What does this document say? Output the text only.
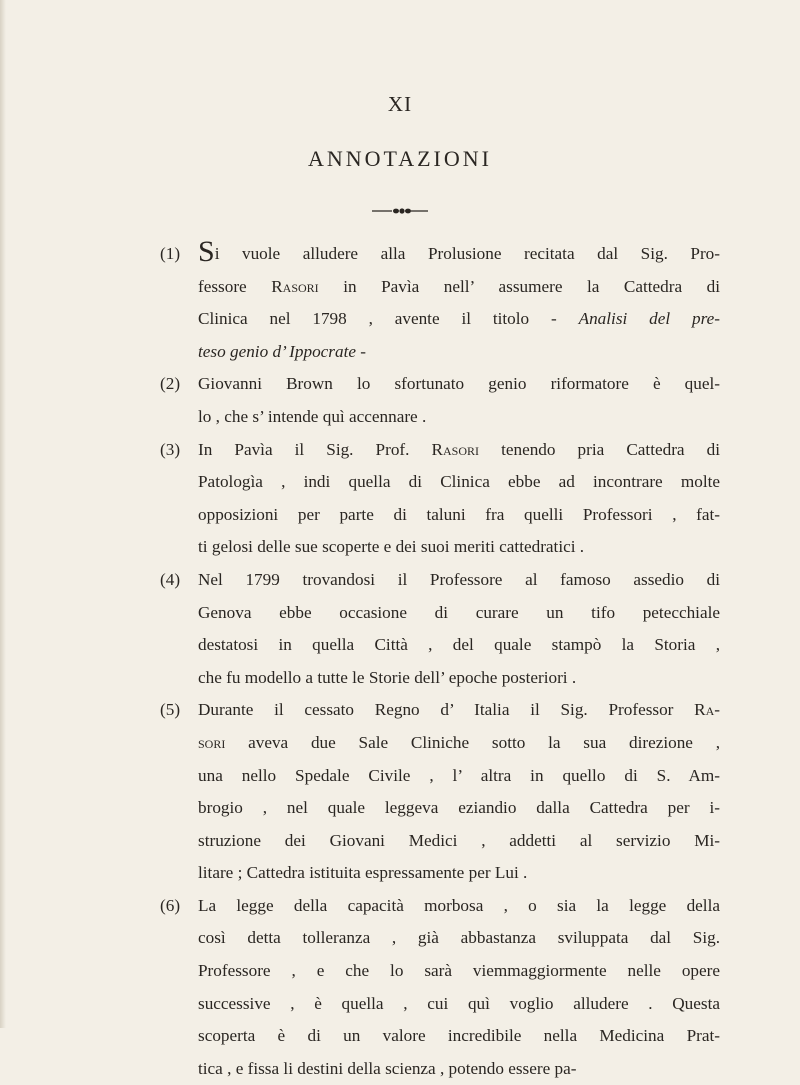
XI
ANNOTAZIONI
(1) Si vuole alludere alla Prolusione recitata dal Sig. Pro-
fessore Rasori in Pavìa nell’ assumere la Cattedra di
Clinica nel 1798 , avente il titolo - Analisi del pre-
teso genio d’ Ippocrate -
(2)	Giovanni Brown lo sfortunato genio riformatore è quel-
lo , che s’ intende quì accennare .
(3)	In Pavìa il Sig. Prof. Rasori tenendo pria Cattedra di
Patologìa , indi quella di Clinica ebbe ad incontrare molte
opposizioni per parte di taluni fra quelli Professori , fat-
ti gelosi delle sue scoperte e dei suoi meriti cattedratici .
(4)	Nel 1799 trovandosi il Professore al famoso assedio di
Genova ebbe occasione di curare un tifo petecchiale
destatosi in quella Città , del quale stampò la Storia ,
che fu modello a tutte le Storie dell’ epoche posteriori .
(5)	Durante il cessato Regno d’ Italia il Sig. Professor Ra-
sori aveva due Sale Cliniche sotto la sua direzione ,
una nello Spedale Civile , l’ altra in quello di S. Am-
brogio , nel quale leggeva eziandio dalla Cattedra per i-
struzione dei Giovani Medici , addetti al servizio Mi-
litare ; Cattedra istituita espressamente per Lui .
(6)	La legge della capacità morbosa , o sia la legge della
così detta tolleranza , già abbastanza sviluppata dal Sig.
Professore , e che lo sarà viemmaggiormente nelle opere
successive , è quella , cui quì voglio alludere . Questa
scoperta è di un valore incredibile nella Medicina Prat-
tica , e fissa li destini della scienza , potendo essere pa-
